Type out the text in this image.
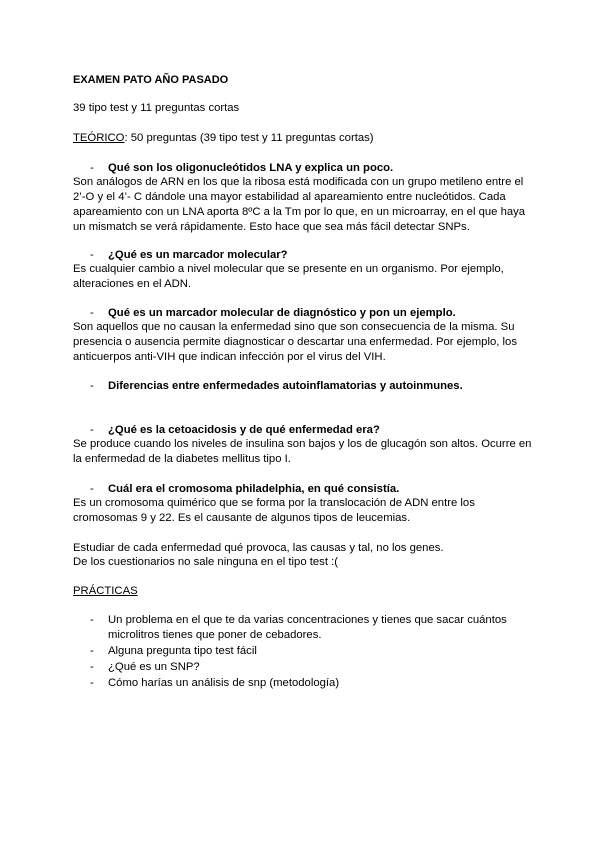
EXAMEN PATO AÑO PASADO

39 tipo test y 11 preguntas cortas

TEÓRICO: 50 preguntas (39 tipo test y 11 preguntas cortas)

- Qué son los oligonucleótidos LNA y explica un poco.

Son análogos de ARN en los que la ribosa está modificada con un grupo metileno entre el 2’-O y el 4’- C dándole una mayor estabilidad al apareamiento entre nucleótidos. Cada apareamiento con un LNA aporta 8ºC a la Tm por lo que, en un microarray, en el que haya un mismatch se verá rápidamente. Esto hace que sea más fácil detectar SNPs.

- ¿Qué es un marcador molecular?

Es cualquier cambio a nivel molecular que se presente en un organismo. Por ejemplo, alteraciones en el ADN.

- Qué es un marcador molecular de diagnóstico y pon un ejemplo.

Son aquellos que no causan la enfermedad sino que son consecuencia de la misma. Su presencia o ausencia permite diagnosticar o descartar una enfermedad. Por ejemplo, los anticuerpos anti-VIH que indican infección por el virus del VIH.

- Diferencias entre enfermedades autoinflamatorias y autoinmunes.

- ¿Qué es la cetoacidosis y de qué enfermedad era?

Se produce cuando los niveles de insulina son bajos y los de glucagón son altos. Ocurre en la enfermedad de la diabetes mellitus tipo I.

- Cuál era el cromosoma philadelphia, en qué consistía.

Es un cromosoma quimérico que se forma por la translocación de ADN entre los cromosomas 9 y 22. Es el causante de algunos tipos de leucemias.

Estudiar de cada enfermedad qué provoca, las causas y tal, no los genes.

De los cuestionarios no sale ninguna en el tipo test :(

PRÁCTICAS

-	Un problema en el que te da varias concentraciones y tienes que sacar cuántos microlitros tienes que poner de cebadores.
-	Alguna pregunta tipo test fácil
-	¿Qué es un SNP?
-	Cómo harías un análisis de snp (metodología)
